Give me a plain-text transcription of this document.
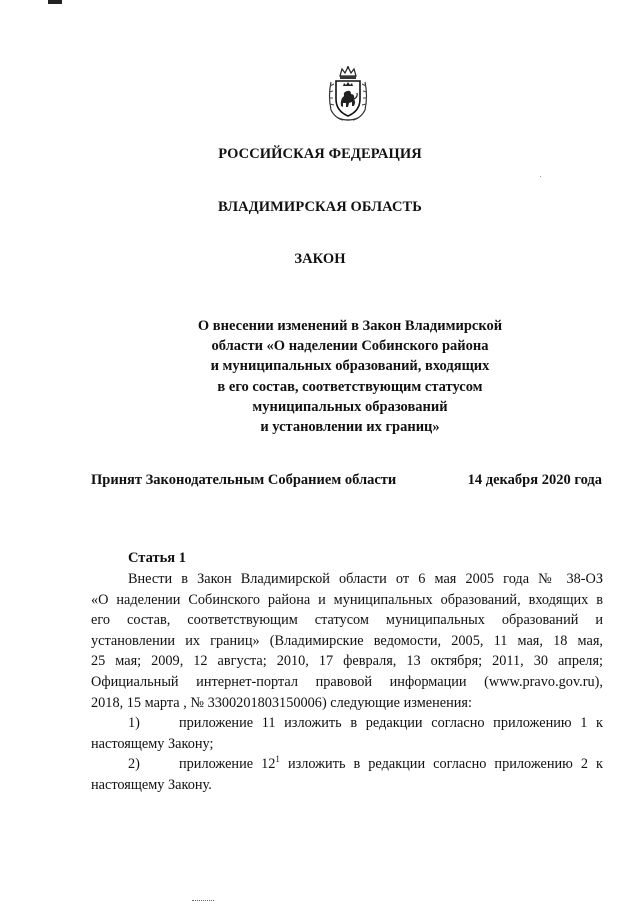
РОССИЙСКАЯ ФЕДЕРАЦИЯ
ВЛАДИМИРСКАЯ ОБЛАСТЬ
ЗАКОН
О внесении изменений в Закон Владимирской
области «О наделении Собинского района
и муниципальных образований, входящих
в его состав, соответствующим статусом
муниципальных образований
и установлении их границ»
Принят Законодательным Собранием области	14 декабря 2020 года
Статья 1
Внести в Закон Владимирской области от 6 мая 2005 года № 38-ОЗ
«О наделении Собинского района и муниципальных образований, входящих в
его состав, соответствующим статусом муниципальных образований и
установлении их границ» (Владимирские ведомости, 2005, 11 мая, 18 мая,
25 мая; 2009, 12 августа; 2010, 17 февраля, 13 октября; 2011, 30 апреля;
Официальный интернет-портал правовой информации (www.pravo.gov.ru),
2018, 15 марта , № 3300201803150006) следующие изменения:
1)	приложение 11 изложить в редакции согласно приложению 1 к
настоящему Закону;
2)	приложение $12^1$ изложить в редакции согласно приложению 2 к
настоящему Закону.
